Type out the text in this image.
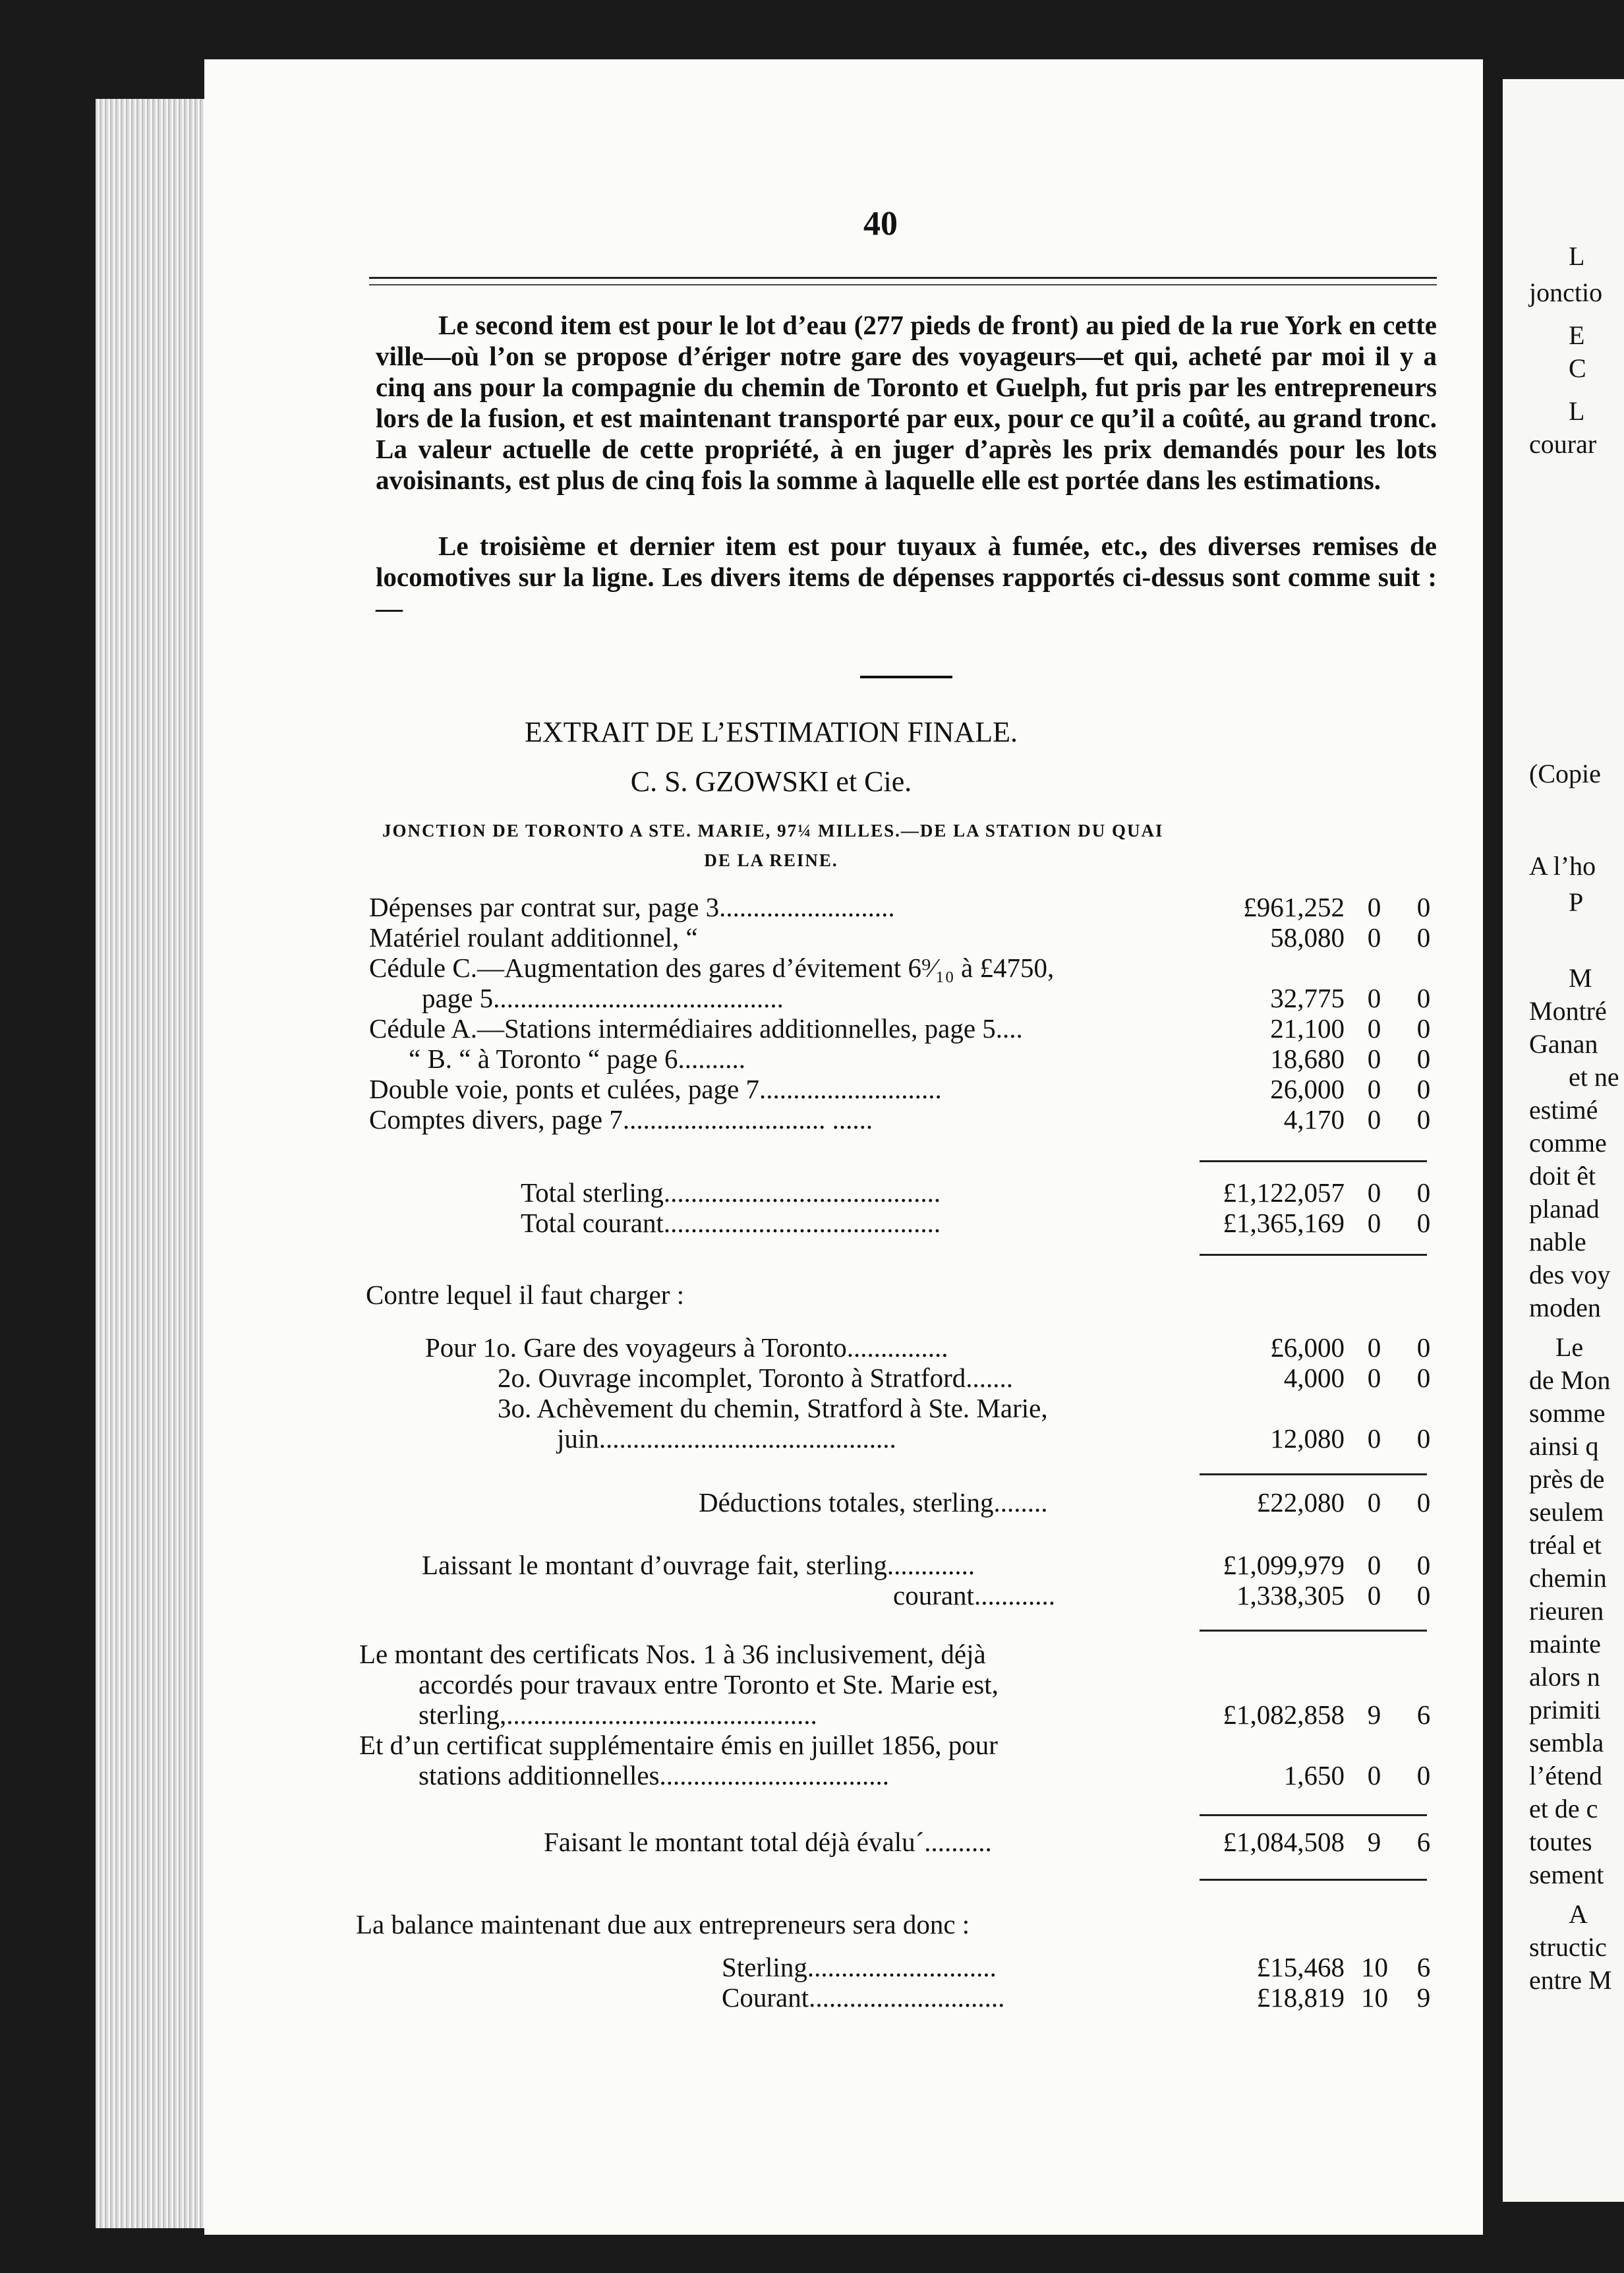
L
jonctio
E
C
L
courar
(Copie
A l’ho
P
M
Montré
Ganan
et ne
estimé
comme
doit êt
planad
nable
des voy
moden
Le
de Mon
somme
ainsi q
près de
seulem
tréal et
chemin
rieuren
mainte
alors n
primiti
sembla
l’étend
et de c
toutes
sement
A
structic
entre M
40
Le second item est pour le lot d’eau (277 pieds de front) au pied de la rue York en cette ville—où l’on se propose d’ériger notre gare des voyageurs—et qui, acheté par moi il y a cinq ans pour la compagnie du chemin de Toronto et Guelph, fut pris par les entrepreneurs lors de la fusion, et est maintenant transporté par eux, pour ce qu’il a coûté, au grand tronc. La valeur actuelle de cette propriété, à en juger d’après les prix demandés pour les lots avoisinants, est plus de cinq fois la somme à laquelle elle est portée dans les estimations.
Le troisième et dernier item est pour tuyaux à fumée, etc., des diverses remises de locomotives sur la ligne. Les divers items de dépenses rapportés ci-dessus sont comme suit :—
EXTRAIT DE L’ESTIMATION FINALE.
C. S. GZOWSKI et Cie.
JONCTION DE TORONTO A STE. MARIE, 97¼ MILLES.—DE LA STATION DU QUAI
DE LA REINE.
Dépenses par contrat sur, page 3..........................	£961,252 0 0
Matériel roulant additionnel, “	58,080 0 0
Cédule C.—Augmentation des gares d’évitement 6⁹⁄₁₀ à £4750,
page 5...........................................	32,775 0 0
Cédule A.—Stations intermédiaires additionnelles, page 5....	21,100 0 0
“ B. “ à Toronto “ page 6..........	18,680 0 0
Double voie, ponts et culées, page 7...........................	26,000 0 0
Comptes divers, page 7.............................. ......	4,170 0 0
Total sterling.........................................	£1,122,057 0 0
Total courant.........................................	£1,365,169 0 0
Contre lequel il faut charger :
Pour 1o. Gare des voyageurs à Toronto...............	£6,000 0 0
2o. Ouvrage incomplet, Toronto à Stratford.......	4,000 0 0
3o. Achèvement du chemin, Stratford à Ste. Marie,
juin............................................	12,080 0 0
Déductions totales, sterling........	£22,080 0 0
Laissant le montant d’ouvrage fait, sterling.............	£1,099,979 0 0
courant............	1,338,305 0 0
Le montant des certificats Nos. 1 à 36 inclusivement, déjà
accordés pour travaux entre Toronto et Ste. Marie est,
sterling,..............................................	£1,082,858 9 6
Et d’un certificat supplémentaire émis en juillet 1856, pour
stations additionnelles..................................	1,650 0 0
Faisant le montant total déjà évalu´..........	£1,084,508 9 6
La balance maintenant due aux entrepreneurs sera donc :
Sterling............................	£15,468 10 6
Courant.............................	£18,819 10 9
